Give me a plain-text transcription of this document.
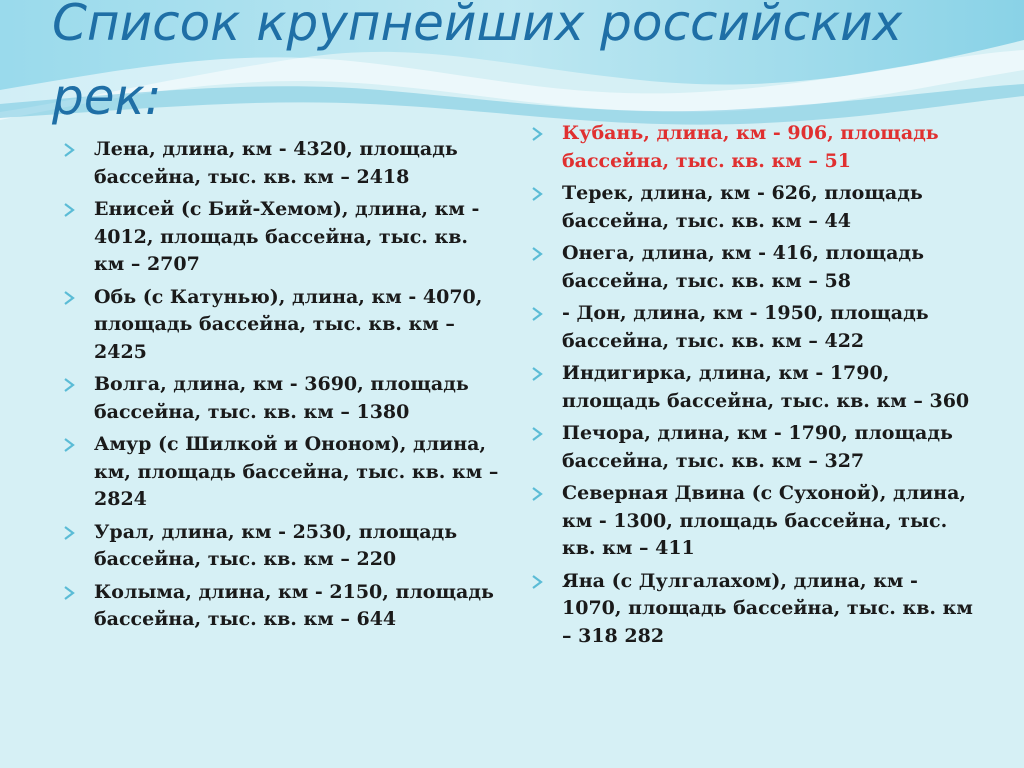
Список крупнейших российских рек:
Лена, длина, км - 4320, площадь бассейна, тыс. кв. км – 2418
Енисей (с Бий-Хемом), длина, км - 4012, площадь бассейна, тыс. кв. км – 2707
Обь (с Катунью), длина, км - 4070, площадь бассейна, тыс. кв. км – 2425
Волга, длина, км - 3690, площадь бассейна, тыс. кв. км – 1380
Амур (с Шилкой и Ононом), длина, км, площадь бассейна, тыс. кв. км – 2824
Урал, длина, км - 2530, площадь бассейна, тыс. кв. км – 220
Колыма, длина, км - 2150, площадь бассейна, тыс. кв. км – 644
Кубань, длина, км - 906, площадь бассейна, тыс. кв. км – 51
Терек, длина, км - 626, площадь бассейна, тыс. кв. км – 44
Онега, длина, км - 416, площадь бассейна, тыс. кв. км – 58
- Дон, длина, км - 1950, площадь бассейна, тыс. кв. км – 422
Индигирка, длина, км - 1790, площадь бассейна, тыс. кв. км – 360
Печора, длина, км - 1790, площадь бассейна, тыс. кв. км – 327
Северная Двина (с Сухоной), длина, км - 1300, площадь бассейна, тыс. кв. км – 411
Яна (с Дулгалахом), длина, км - 1070, площадь бассейна, тыс. кв. км – 318 282
